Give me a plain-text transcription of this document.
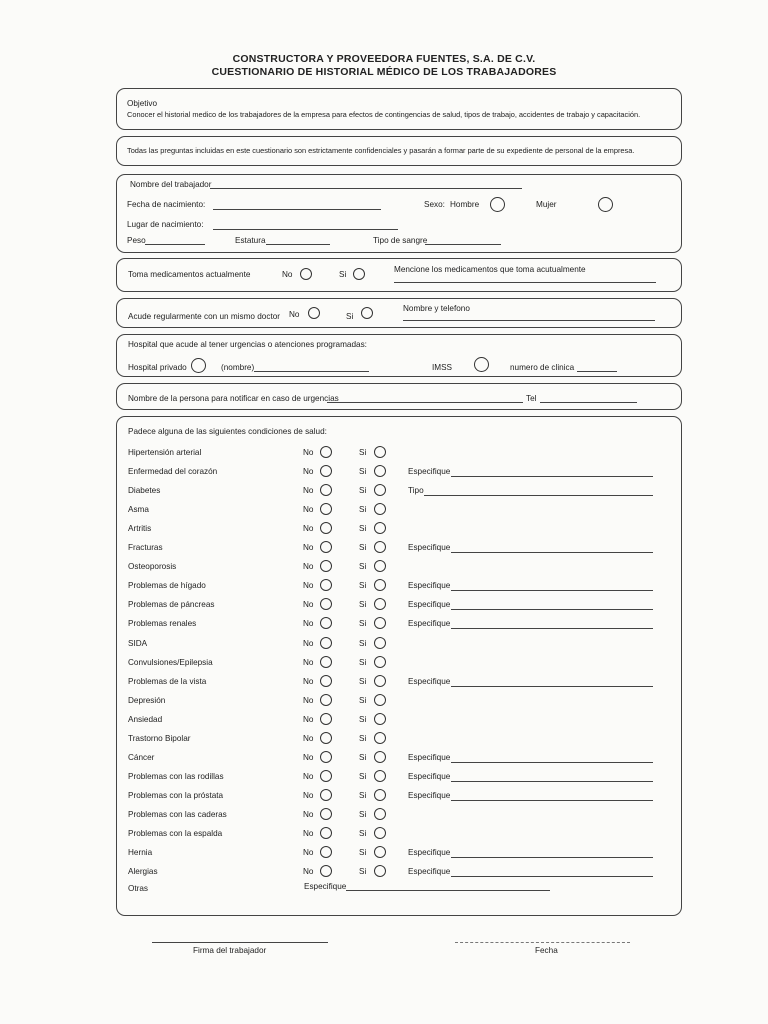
CONSTRUCTORA Y PROVEEDORA FUENTES, S.A. DE C.V.
CUESTIONARIO DE HISTORIAL MÉDICO DE LOS TRABAJADORES
Objetivo
Conocer el historial medico de los trabajadores de la empresa para efectos de contingencias de salud, tipos de trabajo, accidentes de trabajo y capacitación.
Todas las preguntas incluidas en este cuestionario son estrictamente confidenciales y pasarán a formar parte de su expediente de personal de la empresa.
Nombre del trabajador
Fecha de nacimiento:	Sexo: Hombre	Mujer
Lugar de nacimiento:
Peso	Estatura	Tipo de sangre
Toma medicamentos actualmente	No	Si
Mencione los medicamentos que toma acutualmente
Acude regularmente con un mismo doctor No	Si
Nombre y telefono
Hospital que acude al tener urgencias o atenciones programadas:
Hospital privado	(nombre)	IMSS	numero de clinica
Nombre de la persona para notificar en caso de urgencias	Tel
Padece alguna de las siguientes condiciones de salud:
Hipertensión arterial	No	Si
Enfermedad del corazón	No	Si	Especifique
Diabetes	No	Si	Tipo
Asma	No	Si
Artritis	No	Si
Fracturas	No	Si	Especifique
Osteoporosis	No	Si
Problemas de hígado	No	Si	Especifique
Problemas de páncreas	No	Si	Especifique
Problemas renales	No	Si	Especifique
SIDA	No	Si
Convulsiones/Epilepsia	No	Si
Problemas de la vista	No	Si	Especifique
Depresión	No	Si
Ansiedad	No	Si
Trastorno Bipolar	No	Si
Cáncer	No	Si	Especifique
Problemas con las rodillas	No	Si	Especifique
Problemas con la próstata	No	Si	Especifique
Problemas con las caderas	No	Si
Problemas con la espalda	No	Si
Hernia	No	Si	Especifique
Alergias	No	Si	Especifique
Otras	Especifique
Firma del trabajador	Fecha
